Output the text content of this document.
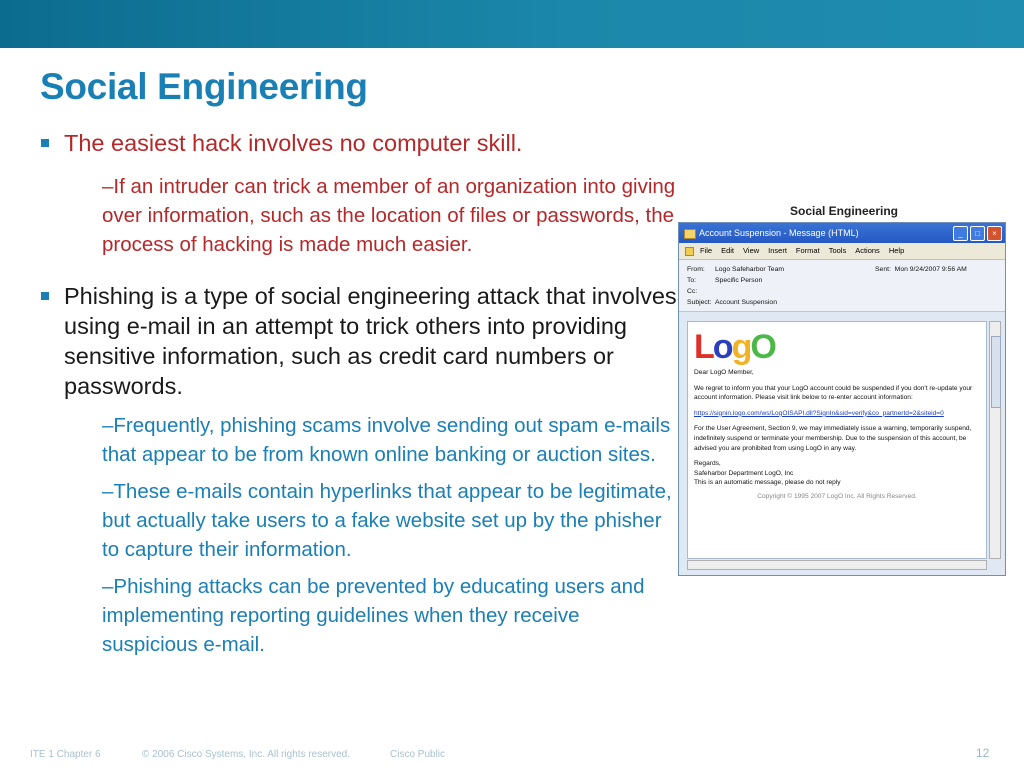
Social Engineering

The easiest hack involves no computer skill.

–If an intruder can trick a member of an organization into giving over information, such as the location of files or passwords, the process of hacking is made much easier.

Phishing is a type of social engineering attack that involves using e-mail in an attempt to trick others into providing sensitive information, such as credit card numbers or passwords.

–Frequently, phishing scams involve sending out spam e-mails that appear to be from known online banking or auction sites.
–These e-mails contain hyperlinks that appear to be legitimate, but actually take users to a fake website set up by the phisher to capture their information.
–Phishing attacks can be prevented by educating users and implementing reporting guidelines when they receive suspicious e-mail.
Social Engineering
Account Suspension - Message (HTML)	_ □ ×
File Edit View Insert Format Tools Actions Help
From: Logo Safeharbor Team	Sent: Mon 9/24/2007 9:56 AM
To:	Specific Person
Cc:
Subject: Account Suspension
LogO
Dear LogO Member,
We regret to inform you that your LogO account could be suspended if you don't re-update your account information. Please visit link below to re-enter account information:
https://signin.logo.com/ws/LogOISAPI.dll?SignIn&sid=verify&co_partnerId=2&siteid=0
For the User Agreement, Section 9, we may immediately issue a warning, temporarily suspend, indefinitely suspend or terminate your membership. Due to the suspension of this account, be advised you are prohibited from using LogO in any way.
Regards,
Safeharbor Department LogO, Inc
This is an automatic message, please do not reply
Copyright © 1995 2007 LogO Inc. All Rights Reserved.
ITE 1 Chapter 6	© 2006 Cisco Systems, Inc. All rights reserved.	Cisco Public	12
